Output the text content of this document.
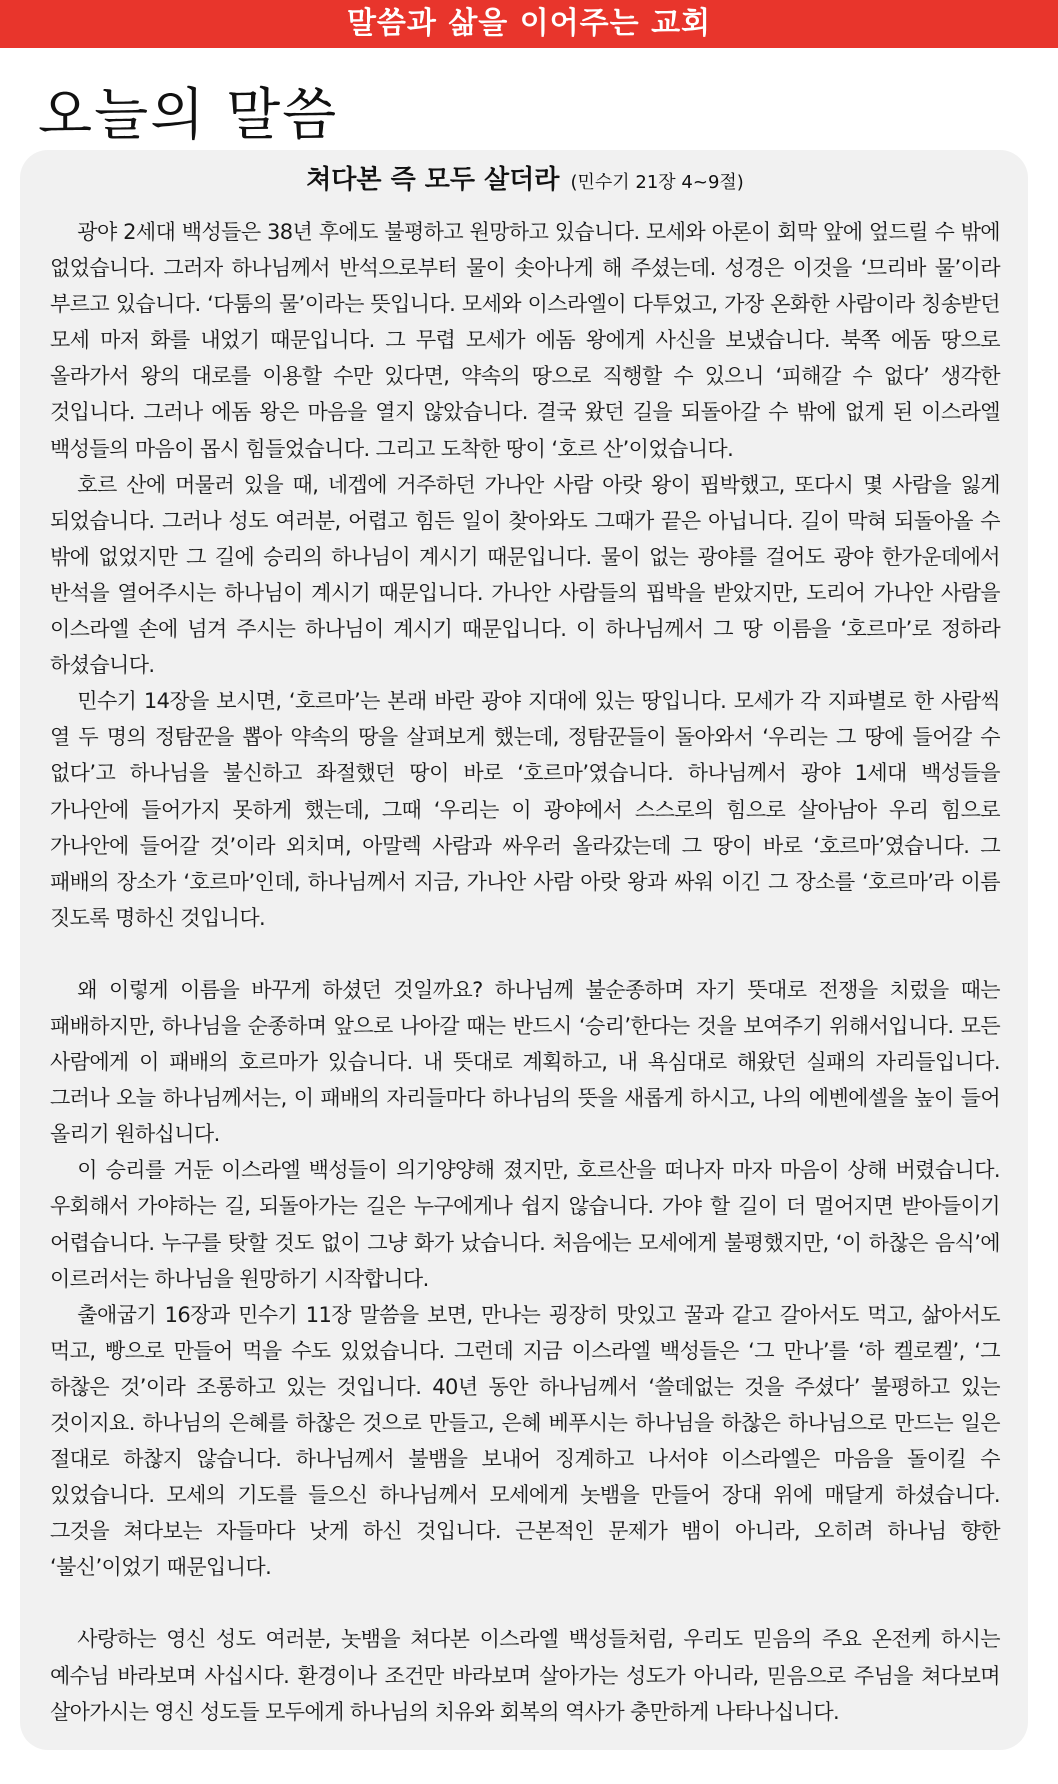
말씀과 삶을 이어주는 교회
오늘의 말씀
쳐다본 즉 모두 살더라 (민수기 21장 4~9절)

광야 2세대 백성들은 38년 후에도 불평하고 원망하고 있습니다. 모세와 아론이 회막 앞에 엎드릴 수 밖에 없었습니다. 그러자 하나님께서 반석으로부터 물이 솟아나게 해 주셨는데. 성경은 이것을 ‘므리바 물’이라 부르고 있습니다. ‘다툼의 물’이라는 뜻입니다. 모세와 이스라엘이 다투었고, 가장 온화한 사람이라 칭송받던 모세 마저 화를 내었기 때문입니다. 그 무렵 모세가 에돔 왕에게 사신을 보냈습니다. 북쪽 에돔 땅으로 올라가서 왕의 대로를 이용할 수만 있다면, 약속의 땅으로 직행할 수 있으니 ‘피해갈 수 없다’ 생각한 것입니다. 그러나 에돔 왕은 마음을 열지 않았습니다. 결국 왔던 길을 되돌아갈 수 밖에 없게 된 이스라엘 백성들의 마음이 몹시 힘들었습니다. 그리고 도착한 땅이 ‘호르 산’이었습니다.

호르 산에 머물러 있을 때, 네겝에 거주하던 가나안 사람 아랏 왕이 핍박했고, 또다시 몇 사람을 잃게 되었습니다. 그러나 성도 여러분, 어렵고 힘든 일이 찾아와도 그때가 끝은 아닙니다. 길이 막혀 되돌아올 수 밖에 없었지만 그 길에 승리의 하나님이 계시기 때문입니다. 물이 없는 광야를 걸어도 광야 한가운데에서 반석을 열어주시는 하나님이 계시기 때문입니다. 가나안 사람들의 핍박을 받았지만, 도리어 가나안 사람을 이스라엘 손에 넘겨 주시는 하나님이 계시기 때문입니다. 이 하나님께서 그 땅 이름을 ‘호르마’로 정하라 하셨습니다.

민수기 14장을 보시면, ‘호르마’는 본래 바란 광야 지대에 있는 땅입니다. 모세가 각 지파별로 한 사람씩 열 두 명의 정탐꾼을 뽑아 약속의 땅을 살펴보게 했는데, 정탐꾼들이 돌아와서 ‘우리는 그 땅에 들어갈 수 없다’고 하나님을 불신하고 좌절했던 땅이 바로 ‘호르마’였습니다. 하나님께서 광야 1세대 백성들을 가나안에 들어가지 못하게 했는데, 그때 ‘우리는 이 광야에서 스스로의 힘으로 살아남아 우리 힘으로 가나안에 들어갈 것’이라 외치며, 아말렉 사람과 싸우러 올라갔는데 그 땅이 바로 ‘호르마’였습니다. 그 패배의 장소가 ‘호르마’인데, 하나님께서 지금, 가나안 사람 아랏 왕과 싸워 이긴 그 장소를 ‘호르마’라 이름 짓도록 명하신 것입니다.

왜 이렇게 이름을 바꾸게 하셨던 것일까요? 하나님께 불순종하며 자기 뜻대로 전쟁을 치렀을 때는 패배하지만, 하나님을 순종하며 앞으로 나아갈 때는 반드시 ‘승리’한다는 것을 보여주기 위해서입니다. 모든 사람에게 이 패배의 호르마가 있습니다. 내 뜻대로 계획하고, 내 욕심대로 해왔던 실패의 자리들입니다. 그러나 오늘 하나님께서는, 이 패배의 자리들마다 하나님의 뜻을 새롭게 하시고, 나의 에벤에셀을 높이 들어 올리기 원하십니다.

이 승리를 거둔 이스라엘 백성들이 의기양양해 졌지만, 호르산을 떠나자 마자 마음이 상해 버렸습니다. 우회해서 가야하는 길, 되돌아가는 길은 누구에게나 쉽지 않습니다. 가야 할 길이 더 멀어지면 받아들이기 어렵습니다. 누구를 탓할 것도 없이 그냥 화가 났습니다. 처음에는 모세에게 불평했지만, ‘이 하찮은 음식’에 이르러서는 하나님을 원망하기 시작합니다.

출애굽기 16장과 민수기 11장 말씀을 보면, 만나는 굉장히 맛있고 꿀과 같고 갈아서도 먹고, 삶아서도 먹고, 빵으로 만들어 먹을 수도 있었습니다. 그런데 지금 이스라엘 백성들은 ‘그 만나’를 ‘하 켈로켈’, ‘그 하찮은 것’이라 조롱하고 있는 것입니다. 40년 동안 하나님께서 ‘쓸데없는 것을 주셨다’ 불평하고 있는 것이지요. 하나님의 은혜를 하찮은 것으로 만들고, 은혜 베푸시는 하나님을 하찮은 하나님으로 만드는 일은 절대로 하찮지 않습니다. 하나님께서 불뱀을 보내어 징계하고 나서야 이스라엘은 마음을 돌이킬 수 있었습니다. 모세의 기도를 들으신 하나님께서 모세에게 놋뱀을 만들어 장대 위에 매달게 하셨습니다. 그것을 쳐다보는 자들마다 낫게 하신 것입니다. 근본적인 문제가 뱀이 아니라, 오히려 하나님 향한 ‘불신’이었기 때문입니다.

사랑하는 영신 성도 여러분, 놋뱀을 쳐다본 이스라엘 백성들처럼, 우리도 믿음의 주요 온전케 하시는 예수님 바라보며 사십시다. 환경이나 조건만 바라보며 살아가는 성도가 아니라, 믿음으로 주님을 쳐다보며 살아가시는 영신 성도들 모두에게 하나님의 치유와 회복의 역사가 충만하게 나타나십니다.
